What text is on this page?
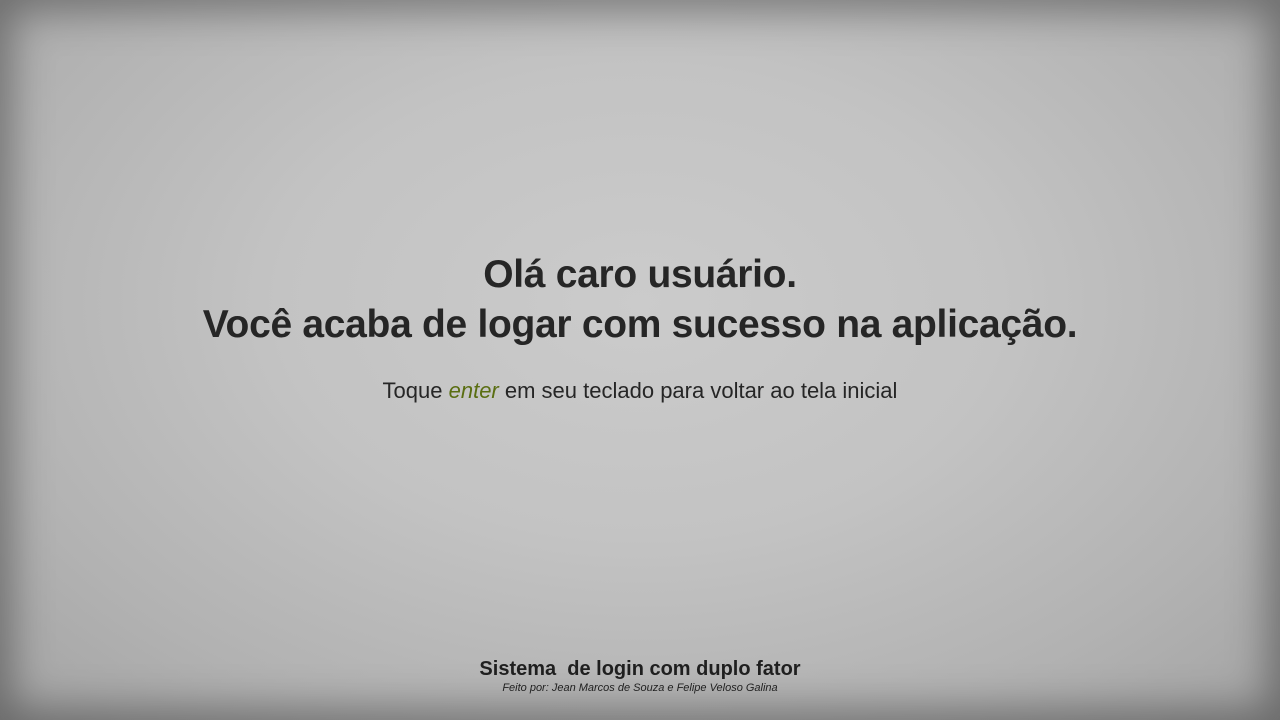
Olá caro usuário.

Você acaba de logar com sucesso na aplicação.

Toque enter em seu teclado para voltar ao tela inicial
Sistema  de login com duplo fator
Feito por: Jean Marcos de Souza e Felipe Veloso Galina
